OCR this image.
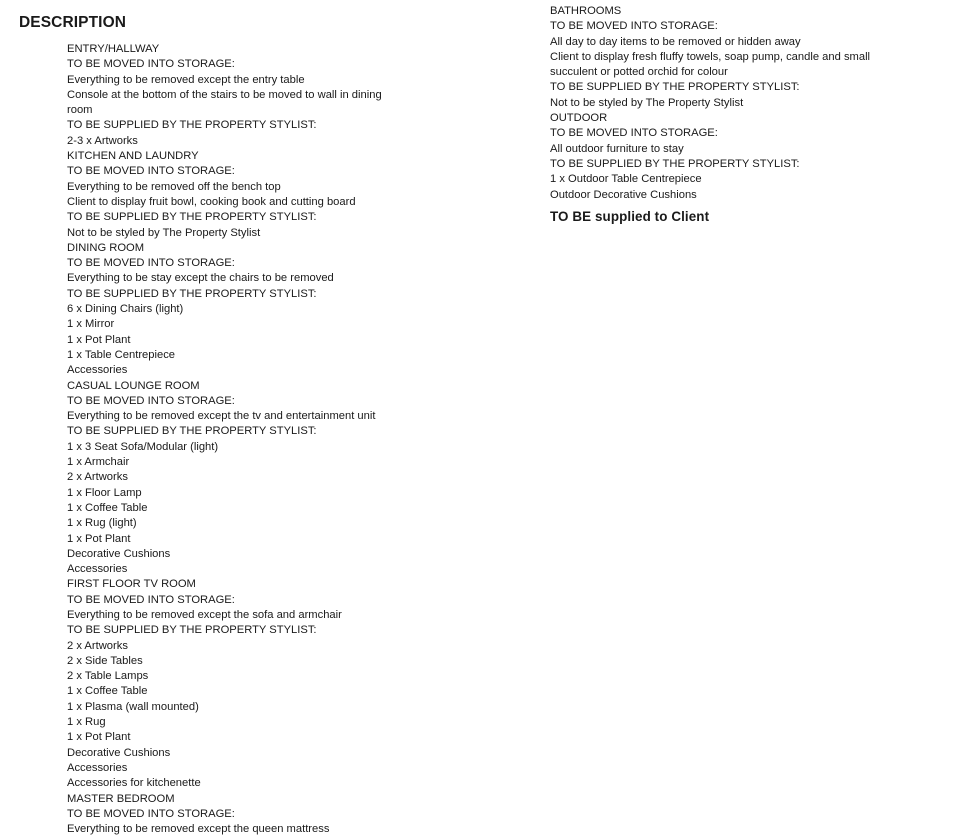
DESCRIPTION
ENTRY/HALLWAY
TO BE MOVED INTO STORAGE:
Everything to be removed except the entry table
Console at the bottom of the stairs to be moved to wall in dining
room
TO BE SUPPLIED BY THE PROPERTY STYLIST:
2-3 x Artworks
KITCHEN AND LAUNDRY
TO BE MOVED INTO STORAGE:
Everything to be removed off the bench top
Client to display fruit bowl, cooking book and cutting board
TO BE SUPPLIED BY THE PROPERTY STYLIST:
Not to be styled by The Property Stylist
DINING ROOM
TO BE MOVED INTO STORAGE:
Everything to be stay except the chairs to be removed
TO BE SUPPLIED BY THE PROPERTY STYLIST:
6 x Dining Chairs (light)
1 x Mirror
1 x Pot Plant
1 x Table Centrepiece
Accessories
CASUAL LOUNGE ROOM
TO BE MOVED INTO STORAGE:
Everything to be removed except the tv and entertainment unit
TO BE SUPPLIED BY THE PROPERTY STYLIST:
1 x 3 Seat Sofa/Modular (light)
1 x Armchair
2 x Artworks
1 x Floor Lamp
1 x Coffee Table
1 x Rug (light)
1 x Pot Plant
Decorative Cushions
Accessories
FIRST FLOOR TV ROOM
TO BE MOVED INTO STORAGE:
Everything to be removed except the sofa and armchair
TO BE SUPPLIED BY THE PROPERTY STYLIST:
2 x Artworks
2 x Side Tables
2 x Table Lamps
1 x Coffee Table
1 x Plasma (wall mounted)
1 x Rug
1 x Pot Plant
Decorative Cushions
Accessories
Accessories for kitchenette
MASTER BEDROOM
TO BE MOVED INTO STORAGE:
Everything to be removed except the queen mattress
BATHROOMS
TO BE MOVED INTO STORAGE:
All day to day items to be removed or hidden away
Client to display fresh fluffy towels, soap pump, candle and small
succulent or potted orchid for colour
TO BE SUPPLIED BY THE PROPERTY STYLIST:
Not to be styled by The Property Stylist
OUTDOOR
TO BE MOVED INTO STORAGE:
All outdoor furniture to stay
TO BE SUPPLIED BY THE PROPERTY STYLIST:
1 x Outdoor Table Centrepiece
Outdoor Decorative Cushions

TO BE supplied to Client
